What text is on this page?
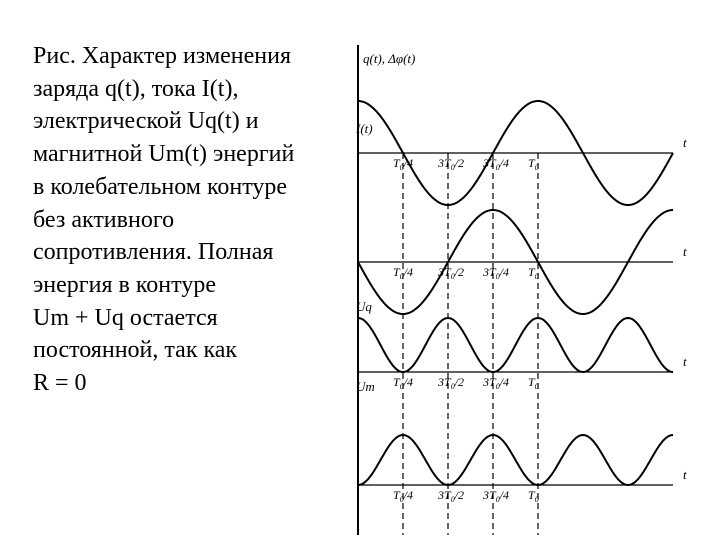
Рис. Характер изменения
заряда q(t), тока I(t),
электрической Uq(t) и
магнитной Um(t) энергий
в колебательном контуре
без активного
сопротивления. Полная
энергия в контуре
Um + Uq остается
постоянной, так как
R = 0
t
$T_0/4$ $3T_0/2$ $3T_0/4$ $T_0$
t
$T_0/4$ $3T_0/2$ $3T_0/4$ $T_0$
t
$T_0/4$ $3T_0/2$ $3T_0/4$ $T_0$
t
$T_0/4$ $3T_0/2$ $3T_0/4$ $T_0$
q(t), Δφ(t)
I(t)
Uq
Um
